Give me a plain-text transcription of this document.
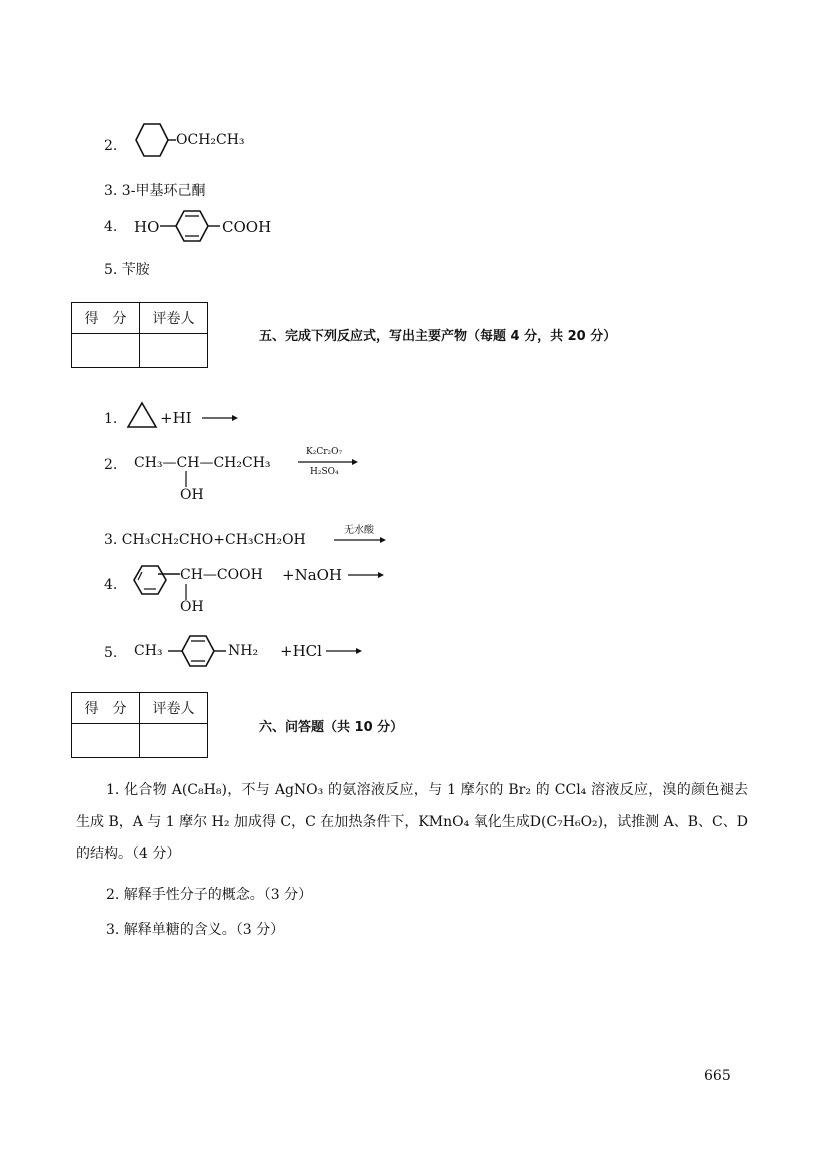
2.	OCH₂CH₃
3. 3-甲基环己酮
4. HO	COOH
5. 苄胺
得　分	评卷人

五、完成下列反应式，写出主要产物（每题 4 分，共 20 分）
1.	+HI →
2. CH₃—CH—CH₂CH₃
OH
K₂Cr₂O₇
H₂SO₄
3. CH₃CH₂CHO+CH₃CH₂OH
无水酸
4.
CH—COOH
OH
+NaOH →
5. CH₃	NH₂ +HCl →
得　分	评卷人

六、问答题（共 10 分）
1. 化合物 A(C₈H₈)，不与 AgNO₃ 的氨溶液反应，与 1 摩尔的 Br₂ 的 CCl₄ 溶液反应，溴的颜色褪去生成 B，A 与 1 摩尔 H₂ 加成得 C，C 在加热条件下，KMnO₄ 氧化生成D(C₇H₆O₂)，试推测 A、B、C、D 的结构。（4 分）
2. 解释手性分子的概念。（3 分）
3. 解释单糖的含义。（3 分）
665
